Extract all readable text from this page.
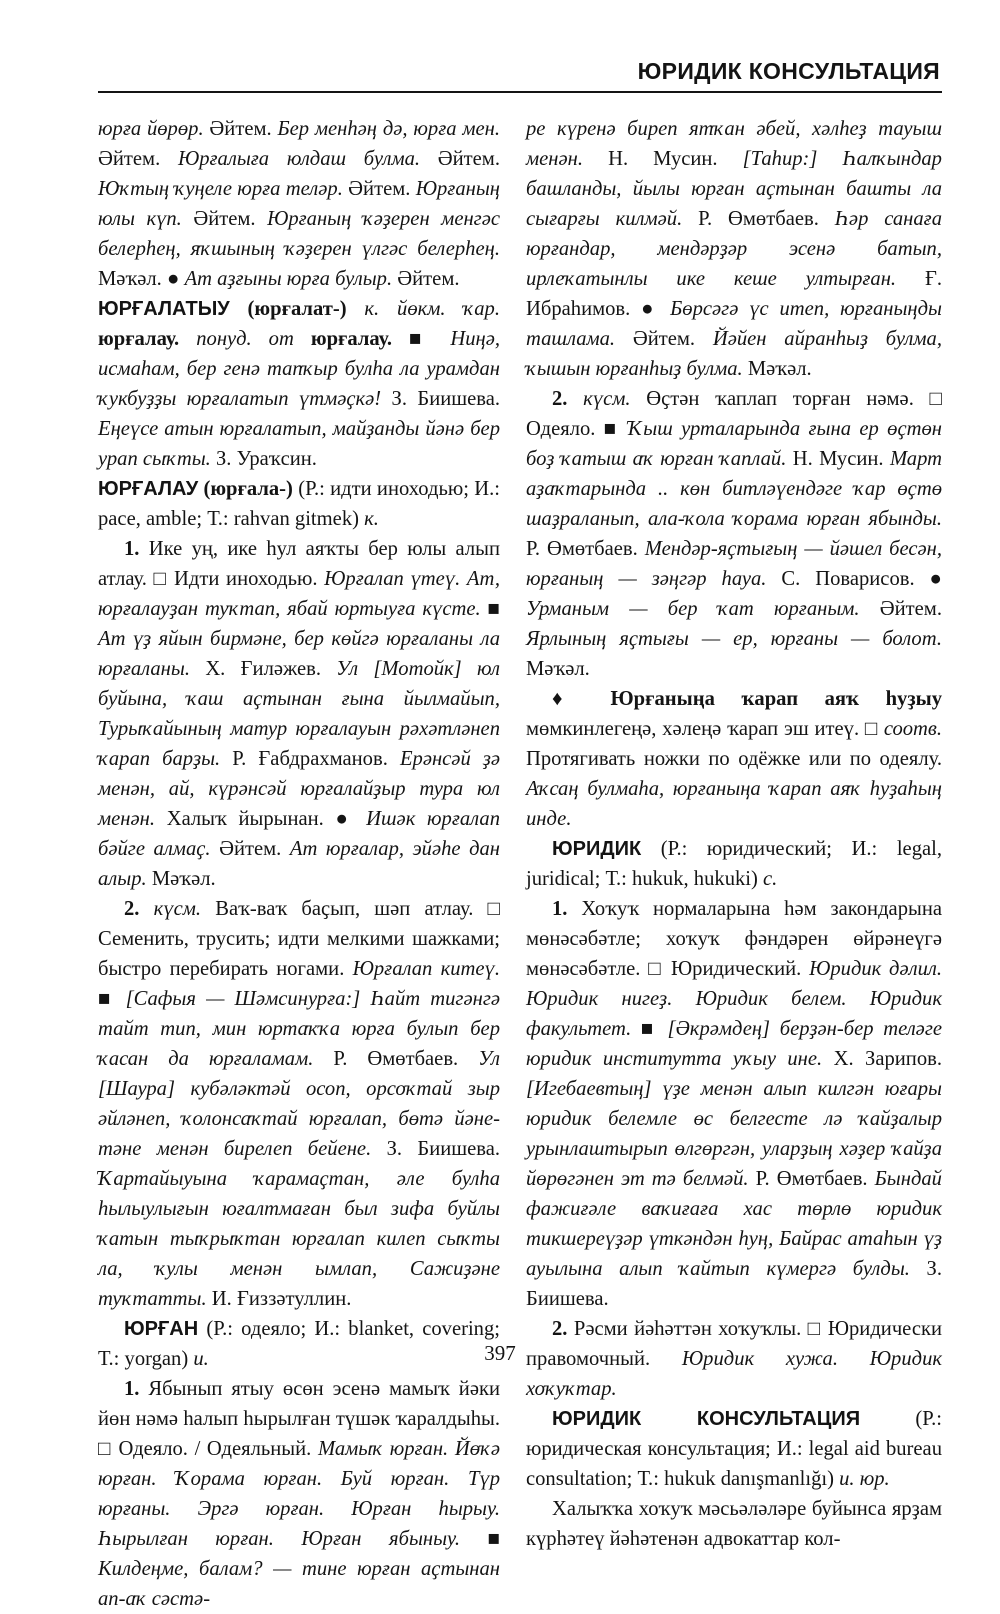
ЮРИДИК КОНСУЛЬТАЦИЯ

юрға йөрөр. Әйтем. Бер менһәң дә, юрға мен. Әйтем. Юрғалыға юлдаш булма. Әйтем. Юҡтың ҡуңеле юрға теләр. Әйтем. Юрғаның юлы күп. Әйтем. Юрғаның ҡәҙерен менгәс белерһең, яҡшының ҡәҙерен үлгәс белерһең. Мәҡәл. ● Ат аҙғыны юрға булыр. Әйтем.

ЮРҒАЛАТЫУ (юрғалат-) к. йөкм. ҡар. юрғалау. понуд. от юрғалау. ■ Ниңә, исмаһам, бер генә тапҡыр булһа ла урамдан ҡукбуҙҙы юрғалатып үтмәҫкә! З. Биишева. Еңеүсе атын юрғалатып, майҙанды йәнә бер урап сыҡты. З. Ураҡсин.

ЮРҒАЛАУ (юрғала-) (Р.: идти иноходью; И.: pace, amble; Т.: rahvan gitmek) к.

1. Ике уң, ике һул аяҡты бер юлы алып атлау. □ Идти иноходью. Юрғалап үтеү. Ат, юрғалауҙан туҡтап, ябай юртыуға күсте. ■ Ат үҙ яйын бирмәне, бер көйгә юрғаланы ла юрғаланы. Х. Ғиләжев. Ул [Мотойк] юл буйына, ҡаш аҫтынан ғына йылмайып, Турыҡайының матур юрғалауын рәхәтләнеп ҡарап барҙы. Р. Ғабдрахманов. Ерәнсәй ҙә менән, ай, күрәнсәй юрғалайҙыр тура юл менән. Халыҡ йырынан. ● Ишәк юрғалап бәйге алмаҫ. Әйтем. Ат юрғалар, эйәһе дан алыр. Мәҡәл.

2. күсм. Ваҡ-ваҡ баҫып, шәп атлау. □ Семенить, трусить; идти мелкими шажками; быстро перебирать ногами. Юрғалап китеү. ■ [Сафыя — Шәмсинурға:] Һайт тигәнгә тайт тип, мин юртаҡҡа юрға булып бер ҡасан да юрғаламам. Р. Өмөтбаев. Ул [Шаура] кубәләктәй осоп, орсоҡтай зыр әйләнеп, ҡолонсаҡтай юрғалап, бөтә йәне-тәне менән бирелеп бейене. З. Биишева. Ҡартайыуына ҡарамаҫтан, әле булһа һылыулығын юғалтмаған был зифа буйлы ҡатын тыҡрыҡтан юрғалап килеп сыҡты ла, ҡулы менән ымлап, Сажиҙәне туҡтатты. И. Ғиззәтуллин.

ЮРҒАН (Р.: одеяло; И.: blanket, covering; Т.: yorgan) и.

1. Ябынып ятыу өсөн эсенә мамыҡ йәки йөн нәмә һалып һырылған түшәк ҡаралдыһы. □ Одеяло. / Одеяльный. Мамыҡ юрған. Йөҡә юрған. Ҡорама юрған. Буй юрған. Түр юрғаны. Эргә юрған. Юрған һырыу. Һырылған юрған. Юрған ябыныу. ■ Килдеңме, балам? — тине юрған аҫтынан ап-аҡ сәстә-

ре күренә биреп ятҡан әбей, хәлһеҙ тауыш менән. Н. Мусин. [Таһир:] Һалҡындар башланды, йылы юрған аҫтынан башты ла сығарғы килмәй. Р. Өмөтбаев. Һәр санаға юрғандар, мендәрҙәр эсенә батып, ирлеҡатынлы ике кеше ултырған. Ғ. Ибраһимов. ● Бөрсәгә үс итеп, юрғаныңды ташлама. Әйтем. Йәйен айранһыҙ булма, ҡышын юрғанһыҙ булма. Мәҡәл.

2. күсм. Өҫтән ҡаплап торған нәмә. □ Одеяло. ■ Ҡыш урталарында ғына ер өҫтөн боҙ ҡатыш аҡ юрған ҡаплай. Н. Мусин. Март аҙаҡтарында .. көн битләүендәге ҡар өҫтө шаҙраланып, ала-ҡола ҡорама юрған ябынды. Р. Өмөтбаев. Мендәр-яҫтығың — йәшел бесән, юрғаның — зәңгәр һауа. С. Поварисов. ● Урманым — бер ҡат юрғаным. Әйтем. Ярлының яҫтығы — ер, юрғаны — болот. Мәҡәл.

♦ Юрғаныңа ҡарап аяҡ һуҙыу мөмкинлегеңә, хәлеңә ҡарап эш итеү. □ соотв. Протягивать ножки по одёжке или по одеялу. Аҡсаң булмаһа, юрғаныңа ҡарап аяҡ һуҙаһың инде.

ЮРИДИК (Р.: юридический; И.: legal, juridical; Т.: hukuk, hukuki) с.

1. Хоҡуҡ нормаларына һәм закондарына мөнәсәбәтле; хоҡуҡ фәндәрен өйрәнеүгә мөнәсәбәтле. □ Юридический. Юридик дәлил. Юридик нигеҙ. Юридик белем. Юридик факультет. ■ [Әкрәмдең] берҙән-бер теләге юридик институтта уҡыу ине. Х. Зарипов. [Игебаевтың] үҙе менән алып килгән юғары юридик белемле өс белгесте лә ҡайҙалыр урынлаштырып өлгөргән, уларҙың хәҙер ҡайҙа йөрөгәнен эт тә белмәй. Р. Өмөтбаев. Бындай фажиғәле ваҡиғаға хас төрлө юридик тикшереүҙәр үткәндән һуң, Байрас атаһын үҙ ауылына алып ҡайтып күмергә булды. З. Биишева.

2. Рәсми йәһәттән хоҡуҡлы. □ Юридически правомочный. Юридик хужа. Юридик хоҡуҡтар.

ЮРИДИК КОНСУЛЬТАЦИЯ (Р.: юридическая консультация; И.: legal aid bureau consultation; Т.: hukuk danışmanlığı) и. юр.

Халыҡҡа хоҡуҡ мәсьәләләре буйынса ярҙам күрһәтеү йәһәтенән адвокаттар кол-

397
